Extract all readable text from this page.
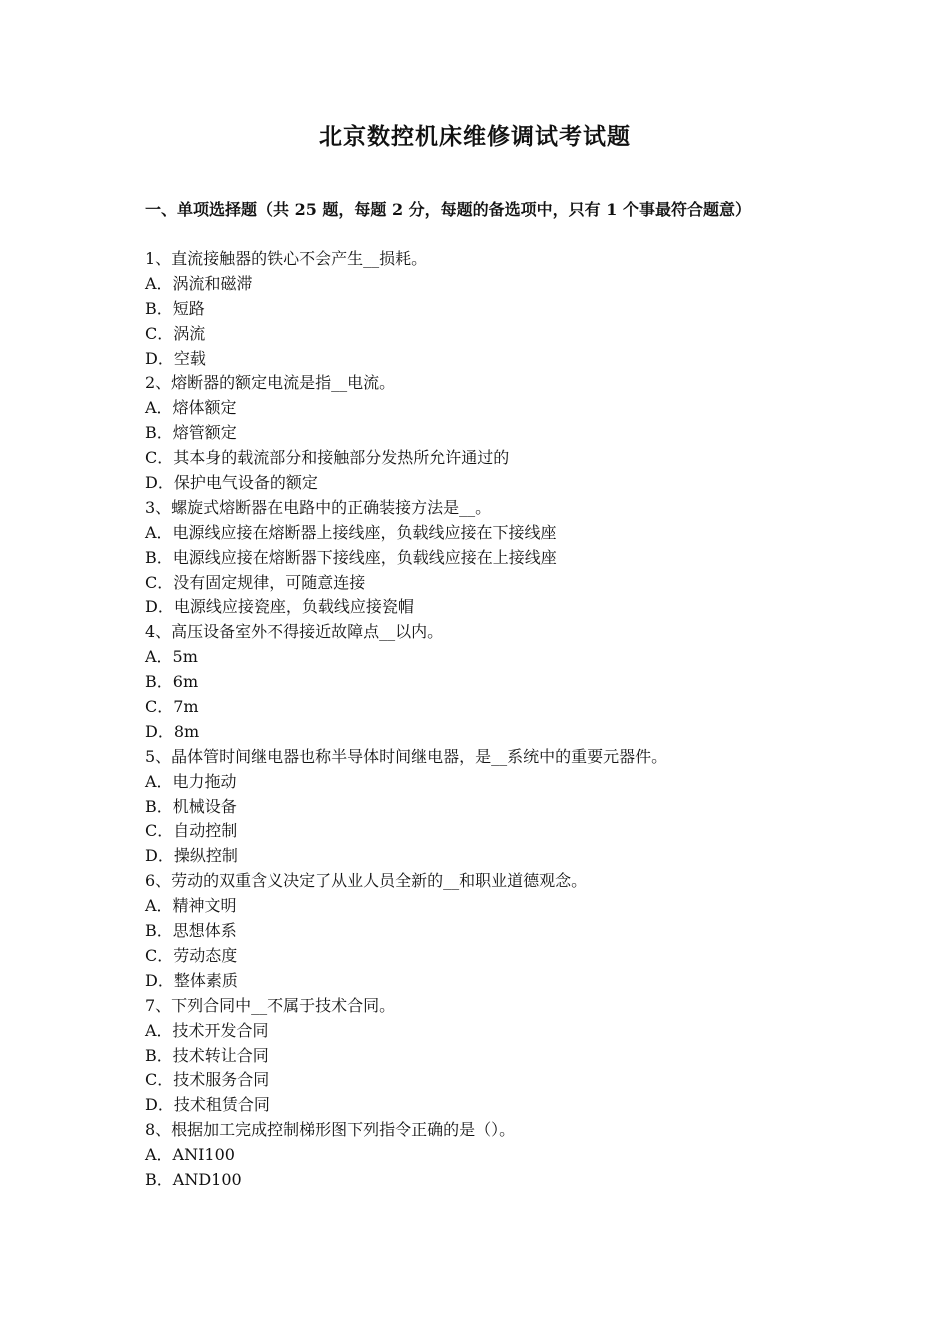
北京数控机床维修调试考试题
一、单项选择题（共 25 题，每题 2 分，每题的备选项中，只有 1 个事最符合题意）
1、直流接触器的铁心不会产生__损耗。
A．涡流和磁滞
B．短路
C．涡流
D．空载
2、熔断器的额定电流是指__电流。
A．熔体额定
B．熔管额定
C．其本身的载流部分和接触部分发热所允许通过的
D．保护电气设备的额定
3、螺旋式熔断器在电路中的正确装接方法是__。
A．电源线应接在熔断器上接线座，负载线应接在下接线座
B．电源线应接在熔断器下接线座，负载线应接在上接线座
C．没有固定规律，可随意连接
D．电源线应接瓷座，负载线应接瓷帽
4、高压设备室外不得接近故障点__以内。
A．5m
B．6m
C．7m
D．8m
5、晶体管时间继电器也称半导体时间继电器，是__系统中的重要元器件。
A．电力拖动
B．机械设备
C．自动控制
D．操纵控制
6、劳动的双重含义决定了从业人员全新的__和职业道德观念。
A．精神文明
B．思想体系
C．劳动态度
D．整体素质
7、下列合同中__不属于技术合同。
A．技术开发合同
B．技术转让合同
C．技术服务合同
D．技术租赁合同
8、根据加工完成控制梯形图下列指令正确的是（）。
A．ANI100
B．AND100
